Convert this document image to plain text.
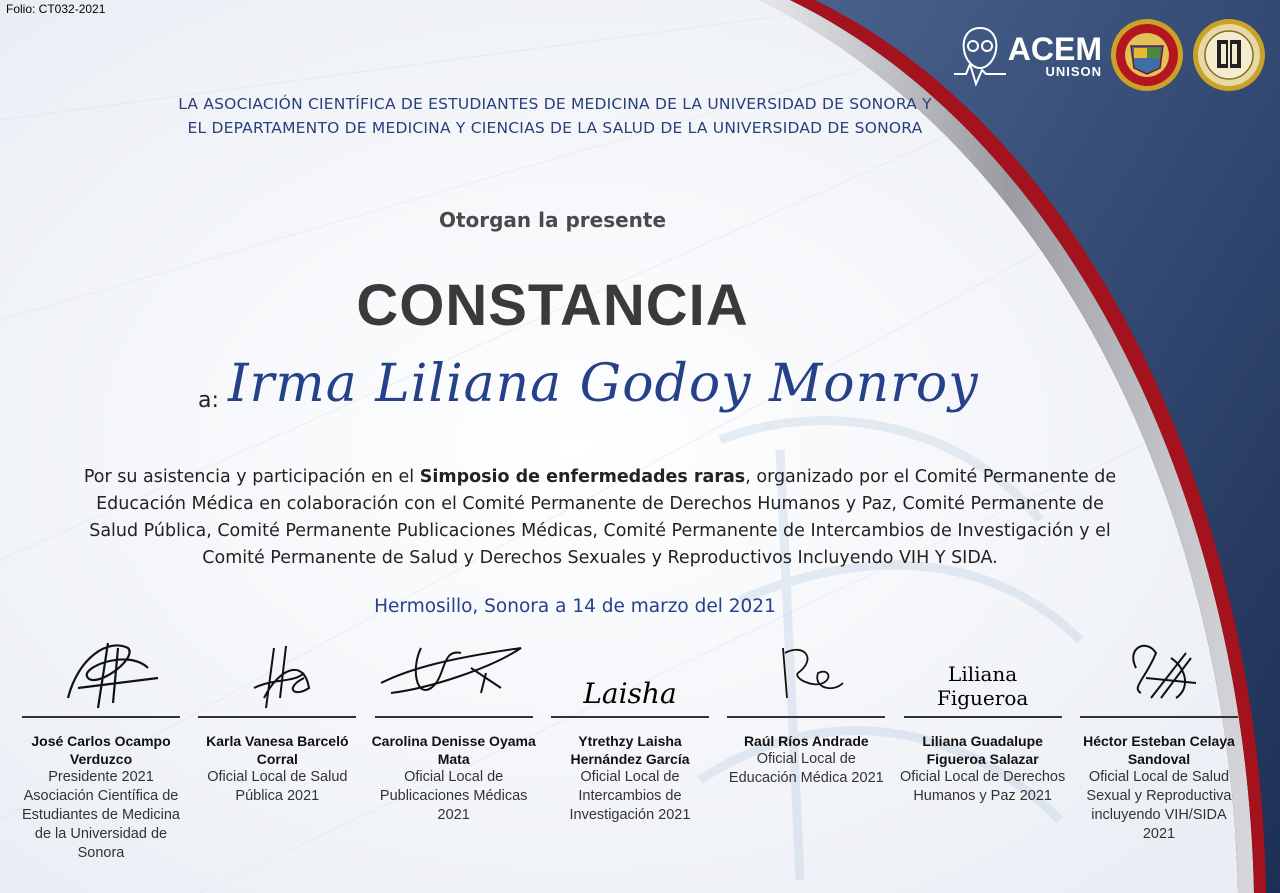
Folio: CT032-2021
ACEM
UNISON
LA ASOCIACIÓN CIENTÍFICA DE ESTUDIANTES DE MEDICINA DE LA UNIVERSIDAD DE SONORA Y EL DEPARTAMENTO DE MEDICINA Y CIENCIAS DE LA SALUD DE LA UNIVERSIDAD DE SONORA
Otorgan la presente
CONSTANCIA
a: Irma Liliana Godoy Monroy
Por su asistencia y participación en el Simposio de enfermedades raras, organizado por el Comité Permanente de Educación Médica en colaboración con el Comité Permanente de Derechos Humanos y Paz, Comité Permanente de Salud Pública, Comité Permanente Publicaciones Médicas, Comité Permanente de Intercambios de Investigación y el Comité Permanente de Salud y Derechos Sexuales y Reproductivos Incluyendo VIH Y SIDA.
Hermosillo, Sonora a 14 de marzo del 2021
José Carlos Ocampo Verduzco
Presidente 2021 Asociación Científica de Estudiantes de Medicina de la Universidad de Sonora
Karla Vanesa Barceló Corral
Oficial Local de Salud Pública 2021
Carolina Denisse Oyama Mata
Oficial Local de Publicaciones Médicas 2021
Laisha
Ytrethzy Laisha Hernández García
Oficial Local de Intercambios de Investigación 2021
Raúl Ríos Andrade
Oficial Local de Educación Médica 2021
Liliana Figueroa
Liliana Guadalupe Figueroa Salazar
Oficial Local de Derechos Humanos y Paz 2021
Héctor Esteban Celaya Sandoval
Oficial Local de Salud Sexual y Reproductiva incluyendo VIH/SIDA 2021
